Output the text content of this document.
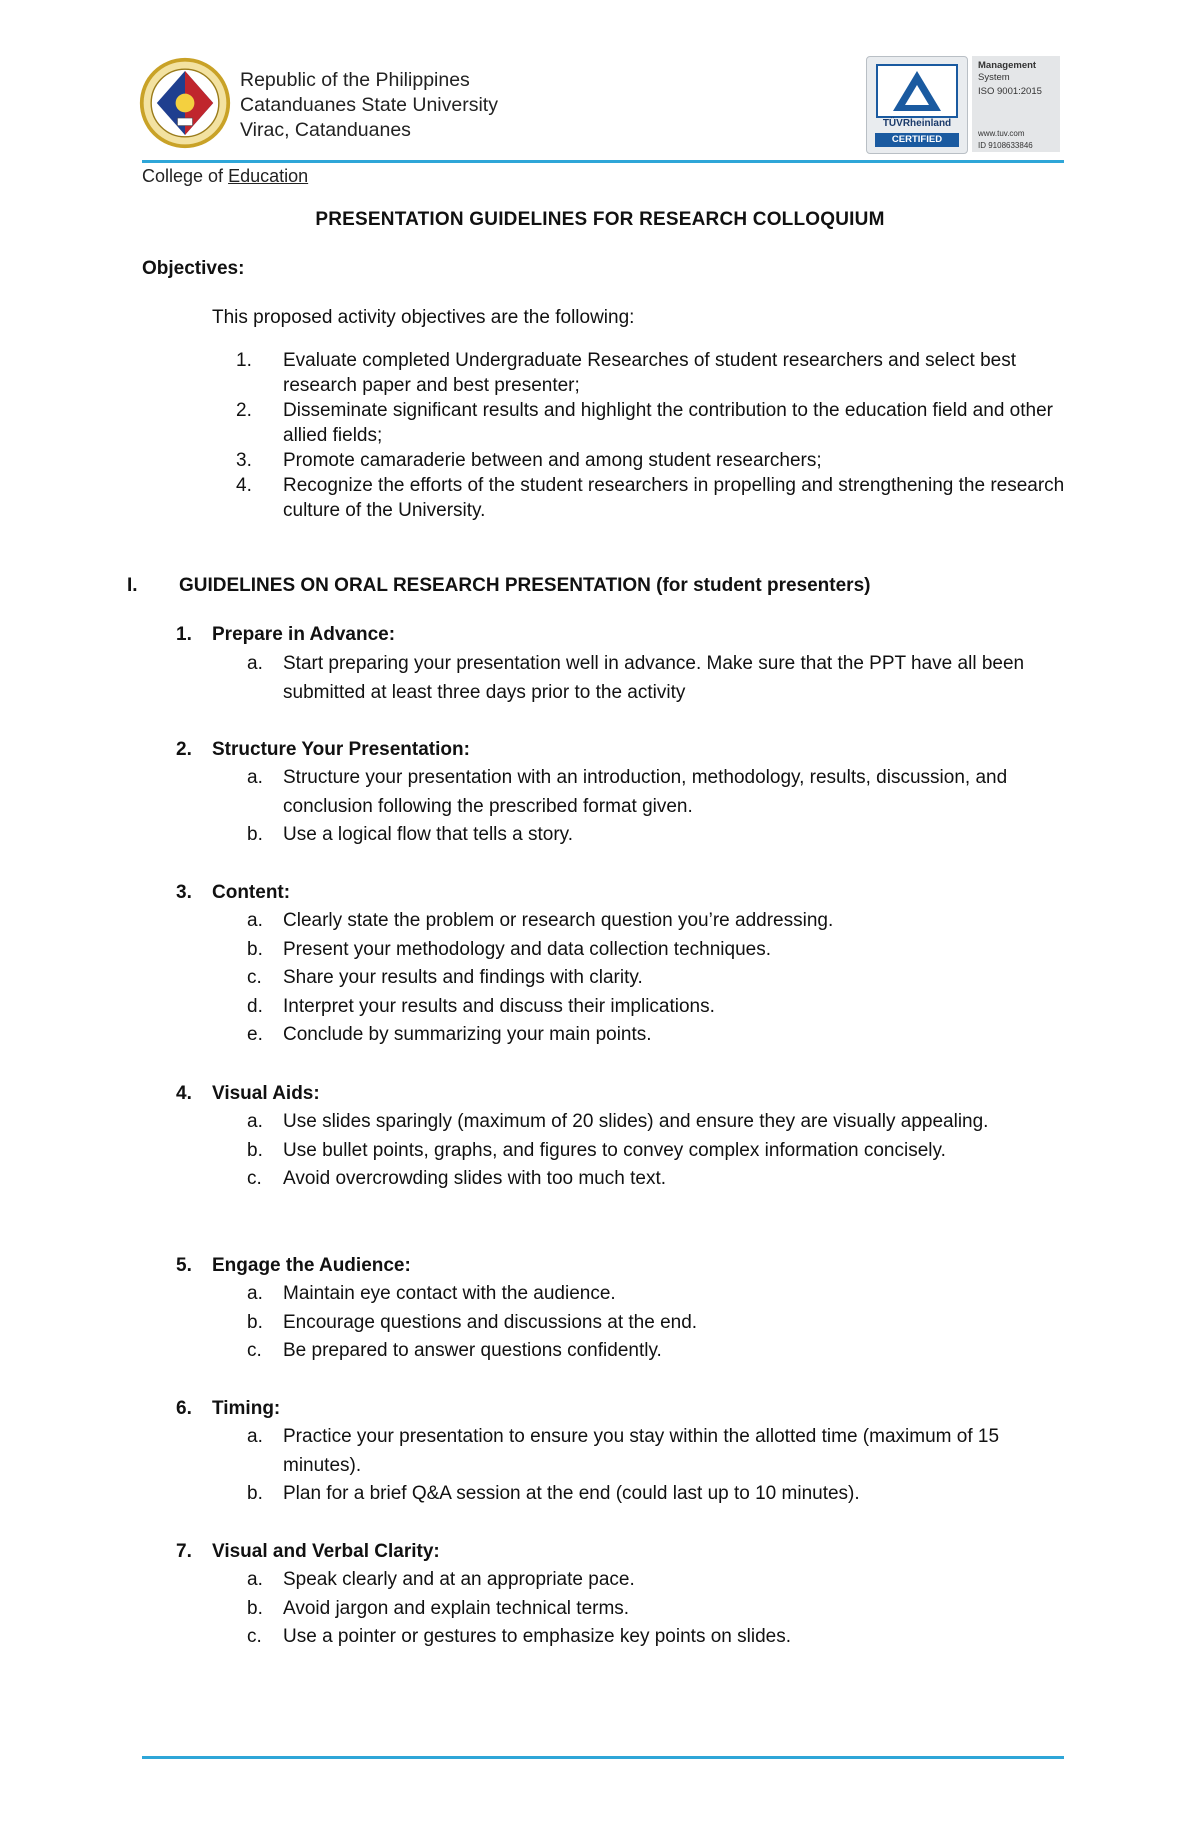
Republic of the Philippines
Catanduanes State University
Virac, Catanduanes	TÜVRheinland
CERTIFIED
Management
System
ISO 9001:2015
www.tuv.com
ID 9108633846
College of Education
PRESENTATION GUIDELINES FOR RESEARCH COLLOQUIUM
Objectives:
This proposed activity objectives are the following:
1. Evaluate completed Undergraduate Researches of student researchers and select best research paper and best presenter;
2. Disseminate significant results and highlight the contribution to the education field and other allied fields;
3. Promote camaraderie between and among student researchers;
4. Recognize the efforts of the student researchers in propelling and strengthening the research culture of the University.
I. GUIDELINES ON ORAL RESEARCH PRESENTATION (for student presenters)
1. Prepare in Advance:
a. Start preparing your presentation well in advance. Make sure that the PPT have all been submitted at least three days prior to the activity
2. Structure Your Presentation:
a. Structure your presentation with an introduction, methodology, results, discussion, and conclusion following the prescribed format given.
b. Use a logical flow that tells a story.
3. Content:
a. Clearly state the problem or research question you’re addressing.
b. Present your methodology and data collection techniques.
c. Share your results and findings with clarity.
d. Interpret your results and discuss their implications.
e. Conclude by summarizing your main points.
4. Visual Aids:
a. Use slides sparingly (maximum of 20 slides) and ensure they are visually appealing.
b. Use bullet points, graphs, and figures to convey complex information concisely.
c. Avoid overcrowding slides with too much text.
5. Engage the Audience:
a. Maintain eye contact with the audience.
b. Encourage questions and discussions at the end.
c. Be prepared to answer questions confidently.
6. Timing:
a. Practice your presentation to ensure you stay within the allotted time (maximum of 15 minutes).
b. Plan for a brief Q&A session at the end (could last up to 10 minutes).
7. Visual and Verbal Clarity:
a. Speak clearly and at an appropriate pace.
b. Avoid jargon and explain technical terms.
c. Use a pointer or gestures to emphasize key points on slides.
